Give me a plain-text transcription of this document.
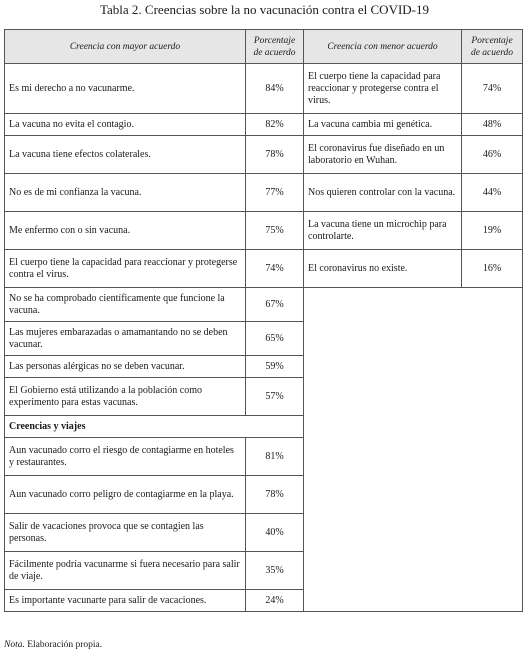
Tabla 2. Creencias sobre la no vacunación contra el COVID-19
Creencia con mayor acuerdo	Porcentaje de acuerdo	Creencia con menor acuerdo	Porcentaje de acuerdo
Es mi derecho a no vacunarme.	84%	El cuerpo tiene la capacidad para reaccionar y protegerse contra el virus.	74%
La vacuna no evita el contagio.	82%	La vacuna cambia mi genética.	48%
La vacuna tiene efectos colaterales.	78%	El coronavirus fue diseñado en un laboratorio en Wuhan.	46%
No es de mi confianza la vacuna.	77%	Nos quieren controlar con la vacuna.	44%
Me enfermo con o sin vacuna.	75%	La vacuna tiene un microchip para controlarte.	19%
El cuerpo tiene la capacidad para reaccionar y protegerse contra el virus.	74%	El coronavirus no existe.	16%
No se ha comprobado científicamente que funcione la vacuna.	67%		
Las mujeres embarazadas o amamantando no se deben vacunar.	65%		
Las personas alérgicas no se deben vacunar.	59%		
El Gobierno está utilizando a la población como experimento para estas vacunas.	57%		
Creencias y viajes			
Aun vacunado corro el riesgo de contagiarme en hoteles y restaurantes.	81%		
Aun vacunado corro peligro de contagiarme en la playa.	78%		
Salir de vacaciones provoca que se contagien las personas.	40%		
Fácilmente podría vacunarme si fuera necesario para salir de viaje.	35%		
Es importante vacunarte para salir de vacaciones.	24%		
Nota. Elaboración propia.
